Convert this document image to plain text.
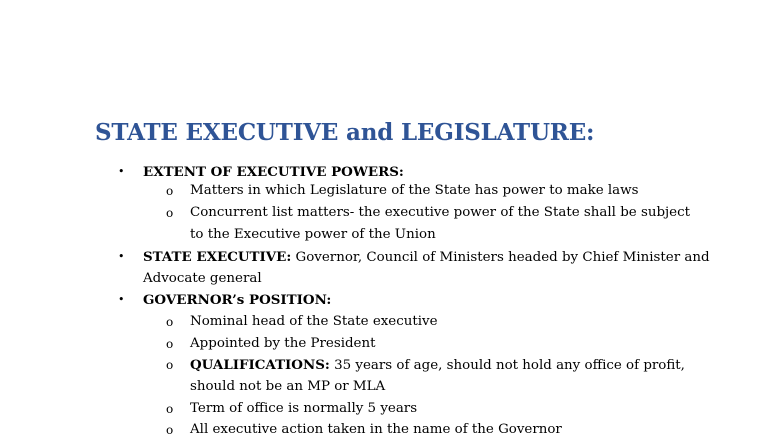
STATE EXECUTIVE and LEGISLATURE:
• EXTENT OF EXECUTIVE POWERS:
o Matters in which Legislature of the State has power to make laws
o Concurrent list matters- the executive power of the State shall be subject
to the Executive power of the Union
• STATE EXECUTIVE: Governor, Council of Ministers headed by Chief Minister and
Advocate general
• GOVERNOR’s POSITION:
o Nominal head of the State executive
o Appointed by the President
o QUALIFICATIONS: 35 years of age, should not hold any office of profit,
should not be an MP or MLA
o Term of office is normally 5 years
o All executive action taken in the name of the Governor
